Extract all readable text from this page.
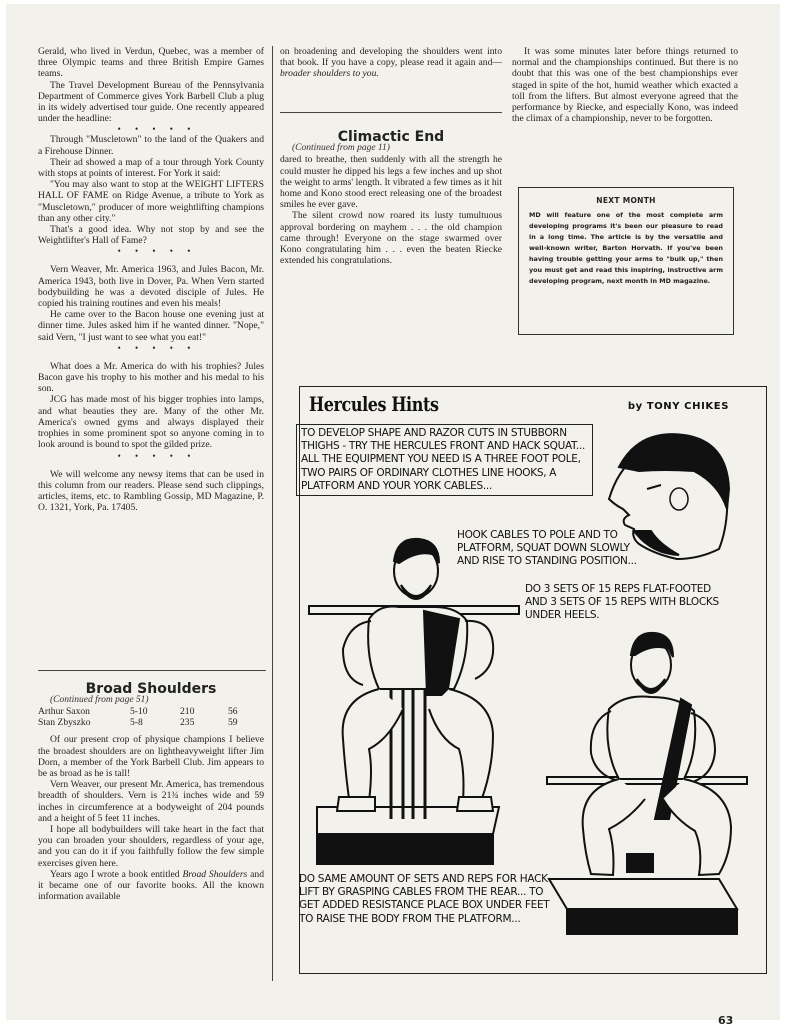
Gerald, who lived in Verdun, Quebec, was a member of three Olympic teams and three British Empire Games teams.

The Travel Development Bureau of the Pennsylvania Department of Commerce gives York Barbell Club a plug in its widely advertised tour guide. One recently appeared under the headline:

• • • • •

Through "Muscletown" to the land of the Quakers and a Firehouse Dinner.

Their ad showed a map of a tour through York County with stops at points of interest. For York it said:

"You may also want to stop at the WEIGHT LIFTERS HALL OF FAME on Ridge Avenue, a tribute to York as "Muscletown," producer of more weightlifting champions than any other city."

That's a good idea. Why not stop by and see the Weightlifter's Hall of Fame?

• • • • •

Vern Weaver, Mr. America 1963, and Jules Bacon, Mr. America 1943, both live in Dover, Pa. When Vern started bodybuilding he was a devoted disciple of Jules. He copied his training routines and even his meals!

He came over to the Bacon house one evening just at dinner time. Jules asked him if he wanted dinner. "Nope," said Vern, "I just want to see what you eat!"

• • • • •

What does a Mr. America do with his trophies? Jules Bacon gave his trophy to his mother and his medal to his son.

JCG has made most of his bigger trophies into lamps, and what beauties they are. Many of the other Mr. America's owned gyms and always displayed their trophies in some prominent spot so anyone coming in to look around is bound to spot the gilded prize.

• • • • •

We will welcome any newsy items that can be used in this column from our readers. Please send such clippings, articles, items, etc. to Rambling Gossip, MD Magazine, P. O. 1321, York, Pa. 17405.

Broad Shoulders

(Continued from page 51)

Arthur Saxon	5-10	210	56
Stan Zbyszko	5-8	235	59

Of our present crop of physique champions I believe the broadest shoulders are on lightheavyweight lifter Jim Dorn, a member of the York Barbell Club. Jim appears to be as broad as he is tall!

Vern Weaver, our present Mr. America, has tremendous breadth of shoulders. Vern is 21¾ inches wide and 59 inches in circumference at a bodyweight of 204 pounds and a height of 5 feet 11 inches.

I hope all bodybuilders will take heart in the fact that you can broaden your shoulders, regardless of your age, and you can do it if you faithfully follow the few simple exercises given here.

Years ago I wrote a book entitled Broad Shoulders and it became one of our favorite books. All the known information available

on broadening and developing the shoulders went into that book. If you have a copy, please read it again and—broader shoulders to you.

Climactic End

(Continued from page 11)

dared to breathe, then suddenly with all the strength he could muster he dipped his legs a few inches and up shot the weight to arms' length. It vibrated a few times as it hit home and Kono stood erect releasing one of the broadest smiles he ever gave.

The silent crowd now roared its lusty tumultuous approval bordering on mayhem . . . the old champion came through! Everyone on the stage swarmed over Kono congratulating him . . . even the beaten Riecke extended his congratulations.

It was some minutes later before things returned to normal and the championships continued. But there is no doubt that this was one of the best championships ever staged in spite of the hot, humid weather which exacted a toll from the lifters. But almost everyone agreed that the performance by Riecke, and especially Kono, was indeed the climax of a championship, never to be forgotten.

NEXT MONTH

MD will feature one of the most complete arm developing programs it's been our pleasure to read in a long time. The article is by the versatile and well-known writer, Barton Horvath. If you've been having trouble getting your arms to "bulk up," then you must get and read this inspiring, instructive arm developing program, next month in MD magazine.

Hercules Hints	by TONY CHIKES
TO DEVELOP SHAPE AND RAZOR CUTS IN STUBBORN THIGHS - TRY THE HERCULES FRONT AND HACK SQUAT... ALL THE EQUIPMENT YOU NEED IS A THREE FOOT POLE, TWO PAIRS OF ORDINARY CLOTHES LINE HOOKS, A PLATFORM AND YOUR YORK CABLES...
HOOK CABLES TO POLE AND TO PLATFORM, SQUAT DOWN SLOWLY AND RISE TO STANDING POSITION...
DO 3 SETS OF 15 REPS FLAT-FOOTED AND 3 SETS OF 15 REPS WITH BLOCKS UNDER HEELS.
DO SAME AMOUNT OF SETS AND REPS FOR HACK LIFT BY GRASPING CABLES FROM THE REAR... TO GET ADDED RESISTANCE PLACE BOX UNDER FEET TO RAISE THE BODY FROM THE PLATFORM...
63
